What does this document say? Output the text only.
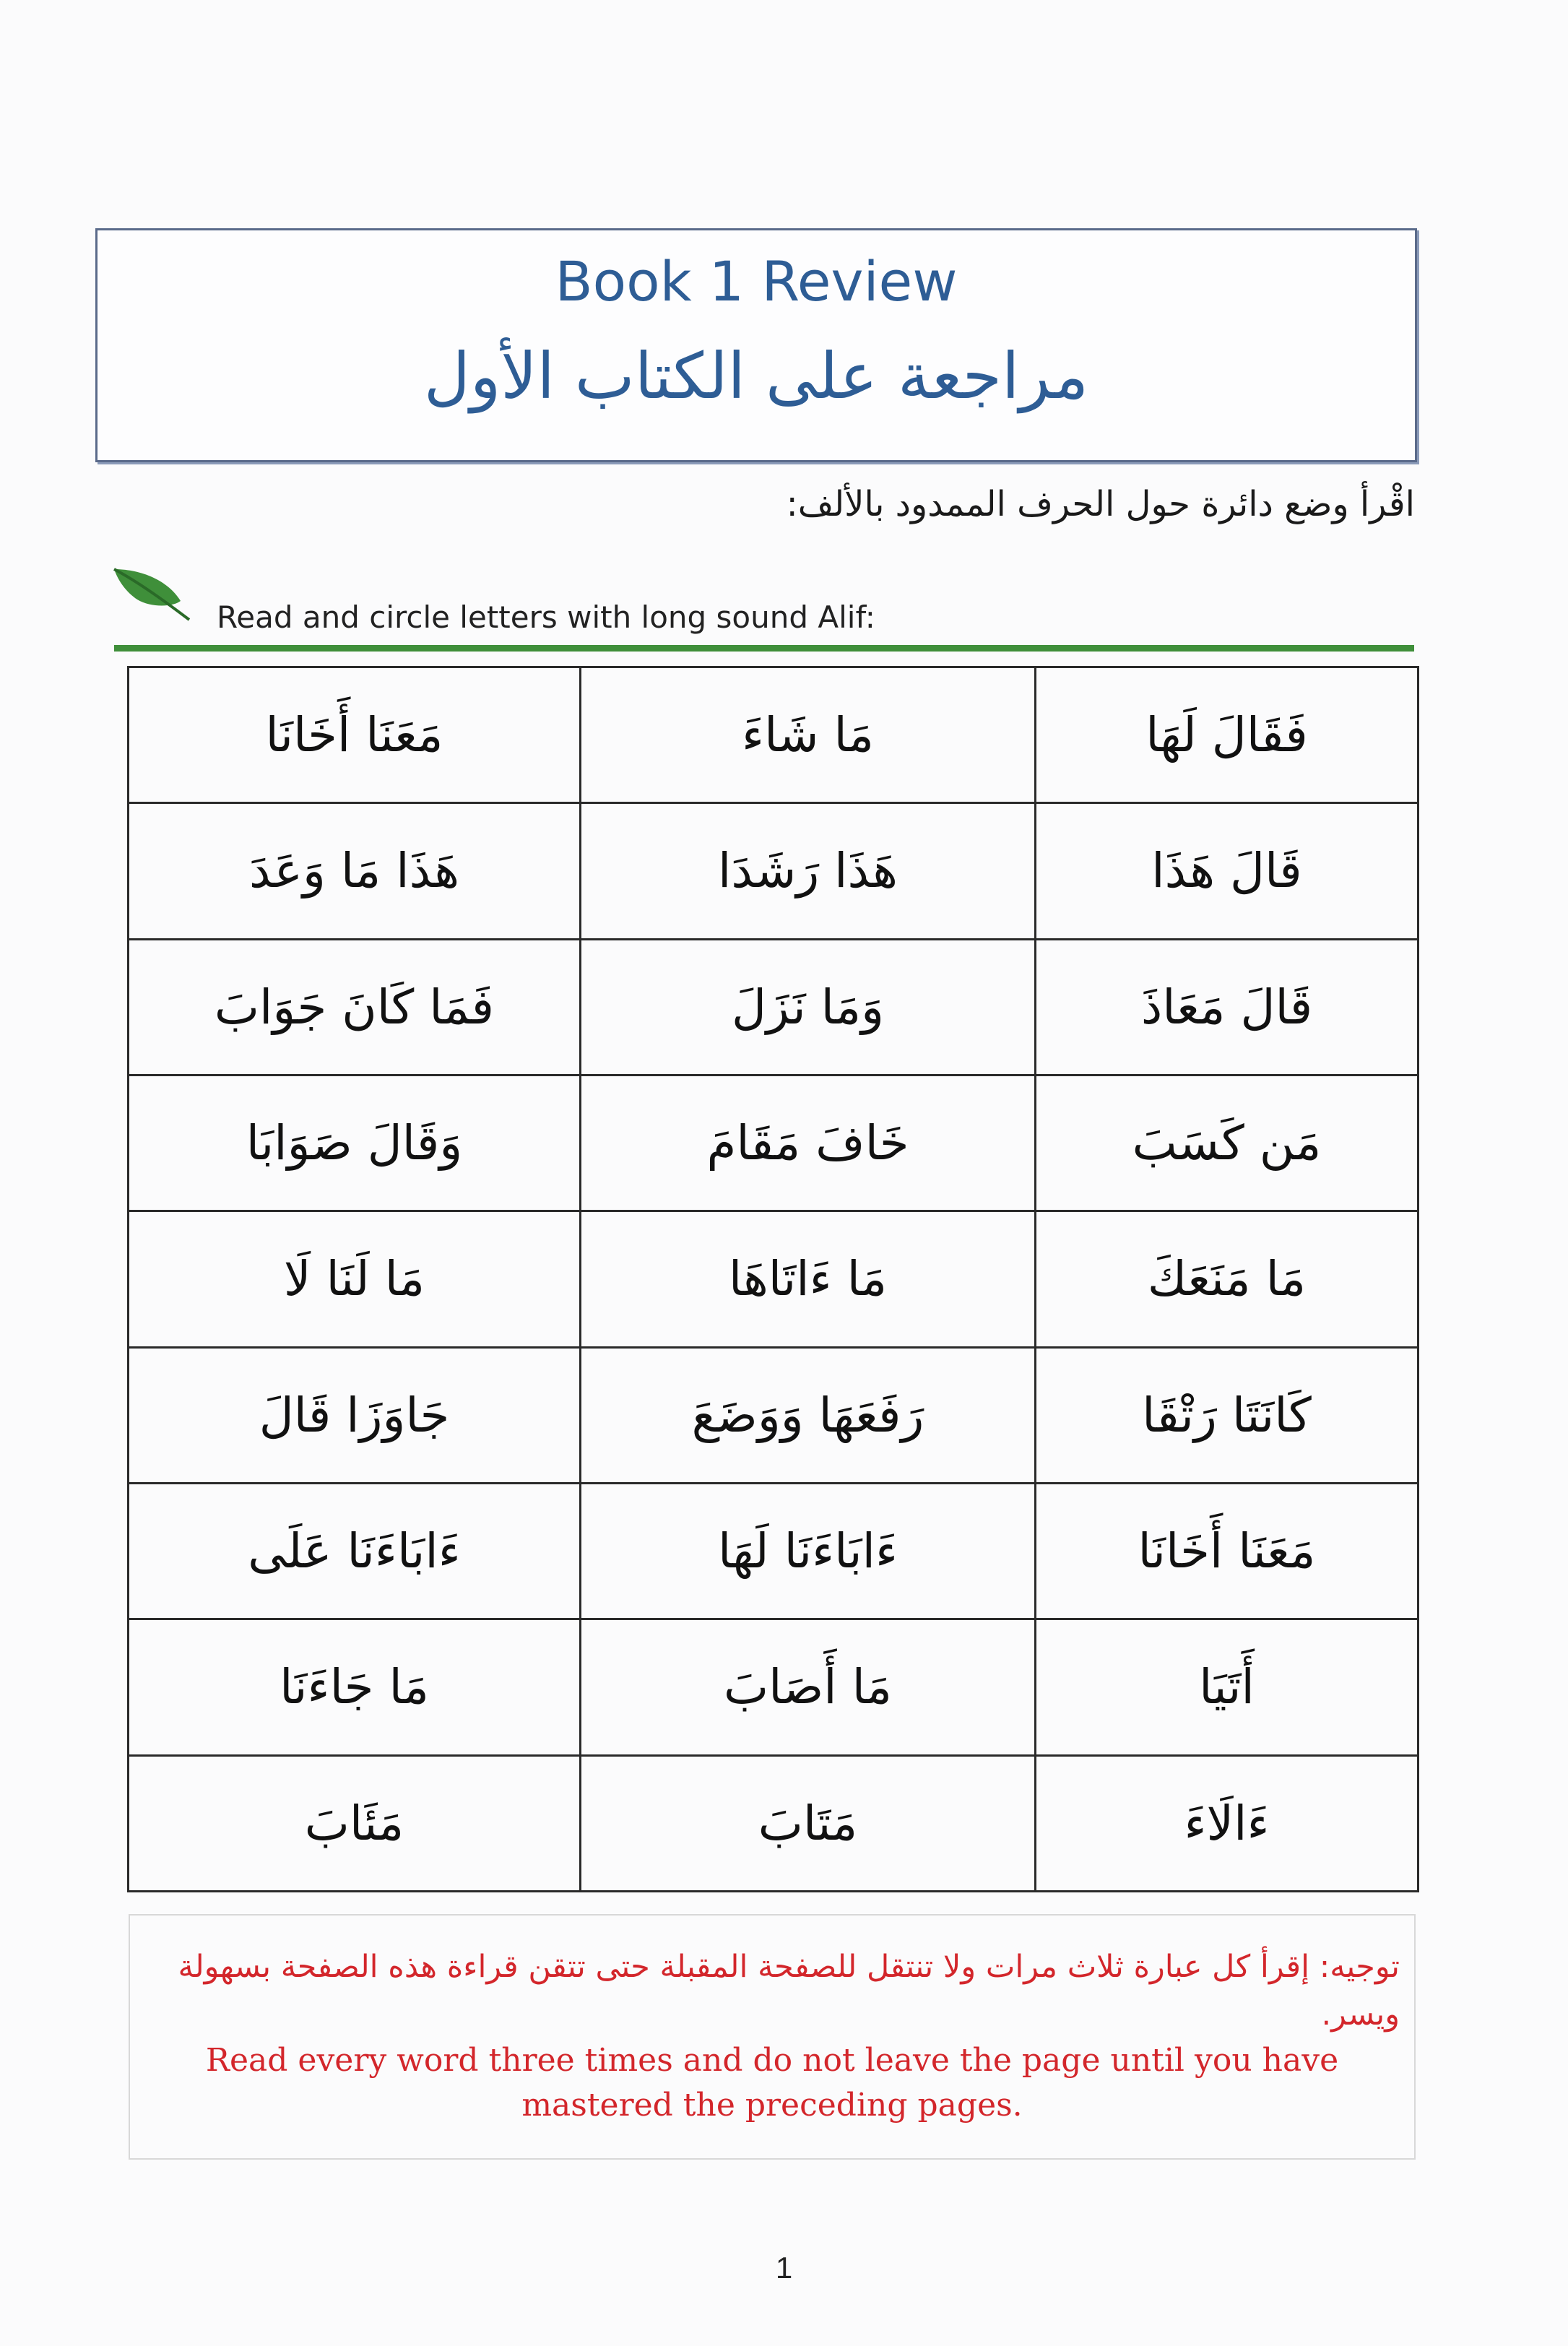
Book 1 Review
مراجعة على الكتاب الأول
اقْرأ وضع دائرة حول الحرف الممدود بالألف:
Read and circle letters with long sound Alif:
فَقَالَ لَهَا	مَا شَاءَ	مَعَنَا أَخَانَا
قَالَ هَذَا	هَذَا رَشَدَا	هَذَا مَا وَعَدَ
قَالَ مَعَاذَ	وَمَا نَزَلَ	فَمَا كَانَ جَوَابَ
مَن كَسَبَ	خَافَ مَقَامَ	وَقَالَ صَوَابَا
مَا مَنَعَكَ	مَا ءَاتَاهَا	مَا لَنَا لَا
كَانَتَا رَتْقَا	رَفَعَهَا وَوَضَعَ	جَاوَزَا قَالَ
مَعَنَا أَخَانَا	ءَابَاءَنَا لَهَا	ءَابَاءَنَا عَلَى
أَتَيَا	مَا أَصَابَ	مَا جَاءَنَا
ءَالَاءَ	مَتَابَ	مَئَابَ
توجيه: إقرأ كل عبارة ثلاث مرات ولا تنتقل للصفحة المقبلة حتى تتقن قراءة هذه الصفحة بسهولة ويسر.
Read every word three times and do not leave the page until you have mastered the preceding pages.
1
